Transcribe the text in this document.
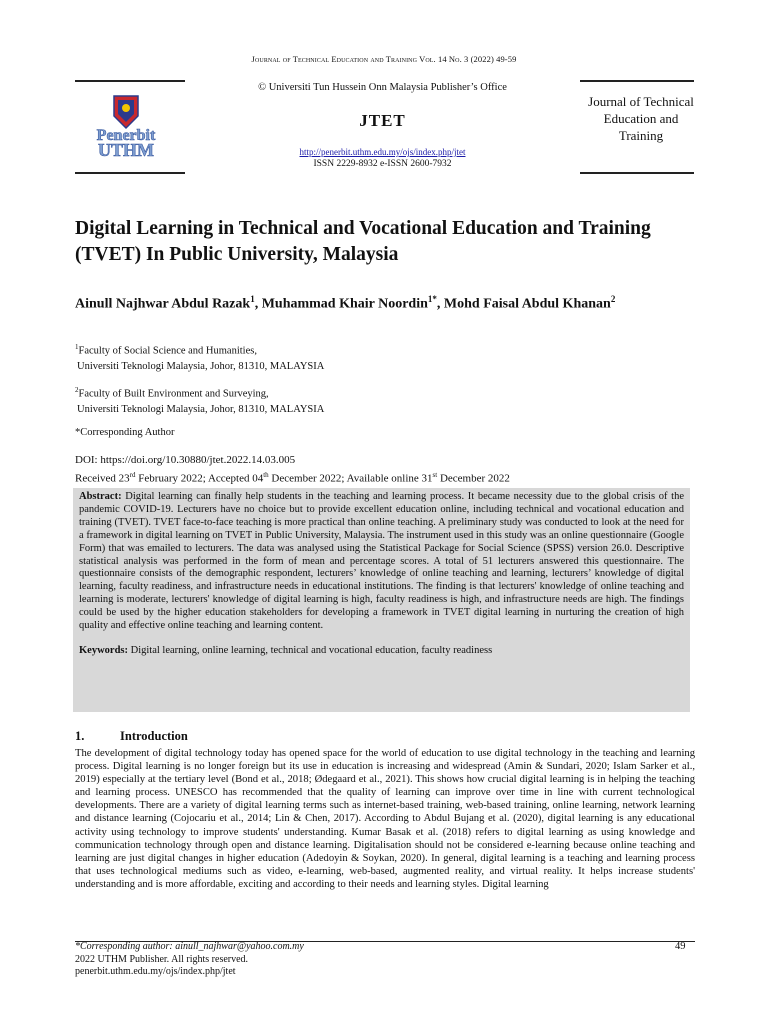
Journal of Technical Education and Training Vol. 14 No. 3 (2022) 49-59
Penerbit
UTHM
© Universiti Tun Hussein Onn Malaysia Publisher’s Office
JTET
http://penerbit.uthm.edu.my/ojs/index.php/jtet
ISSN 2229-8932 e-ISSN 2600-7932
Journal of Technical Education and Training
Digital Learning in Technical and Vocational Education and Training (TVET) In Public University, Malaysia
Ainull Najhwar Abdul Razak$^1$, Muhammad Khair Noordin$^{1*}$, Mohd Faisal Abdul Khanan$^2$
$^1$Faculty of Social Science and Humanities,
Universiti Teknologi Malaysia, Johor, 81310, MALAYSIA
$^2$Faculty of Built Environment and Surveying,
Universiti Teknologi Malaysia, Johor, 81310, MALAYSIA
*Corresponding Author
DOI: https://doi.org/10.30880/jtet.2022.14.03.005
Received 23rd February 2022; Accepted 04th December 2022; Available online 31st December 2022
Abstract: Digital learning can finally help students in the teaching and learning process. It became necessity due to the global crisis of the pandemic COVID-19. Lecturers have no choice but to provide excellent education online, including technical and vocational education and training (TVET). TVET face-to-face teaching is more practical than online teaching. A preliminary study was conducted to look at the need for a framework in digital learning on TVET in Public University, Malaysia. The instrument used in this study was an online questionnaire (Google Form) that was emailed to lecturers. The data was analysed using the Statistical Package for Social Science (SPSS) version 26.0. Descriptive statistical analysis was performed in the form of mean and percentage scores. A total of 51 lecturers answered this questionnaire. The questionnaire consists of the demographic respondent, lecturers’ knowledge of online teaching and learning, lecturers’ knowledge of digital learning, faculty readiness, and infrastructure needs in educational institutions. The finding is that lecturers' knowledge of online teaching and learning is moderate, lecturers' knowledge of digital learning is high, faculty readiness is high, and infrastructure needs are high. The findings could be used by the higher education stakeholders for developing a framework in TVET digital learning in nurturing the creation of high quality and effective online teaching and learning content.
Keywords: Digital learning, online learning, technical and vocational education, faculty readiness
1.	Introduction
The development of digital technology today has opened space for the world of education to use digital technology in the teaching and learning process. Digital learning is no longer foreign but its use in education is increasing and widespread (Amin & Sundari, 2020; Islam Sarker et al., 2019) especially at the tertiary level (Bond et al., 2018; Ødegaard et al., 2021). This shows how crucial digital learning is in helping the teaching and learning process. UNESCO has recommended that the quality of learning can improve over time in line with current technological developments. There are a variety of digital learning terms such as internet-based training, web-based training, online learning, network learning and distance learning (Cojocariu et al., 2014; Lin & Chen, 2017). According to Abdul Bujang et al. (2020), digital learning is any educational activity using technology to improve students' understanding. Kumar Basak et al. (2018) refers to digital learning as using knowledge and communication technology through open and distance learning. Digitalisation should not be considered e-learning because online teaching and learning are just digital changes in higher education (Adedoyin & Soykan, 2020). In general, digital learning is a teaching and learning process that uses technological mediums such as video, e-learning, web-based, augmented reality, and virtual reality. It helps increase students' understanding and is more affordable, exciting and according to their needs and learning styles. Digital learning
*Corresponding author: ainull_najhwar@yahoo.com.my
2022 UTHM Publisher. All rights reserved.
penerbit.uthm.edu.my/ojs/index.php/jtet
49
